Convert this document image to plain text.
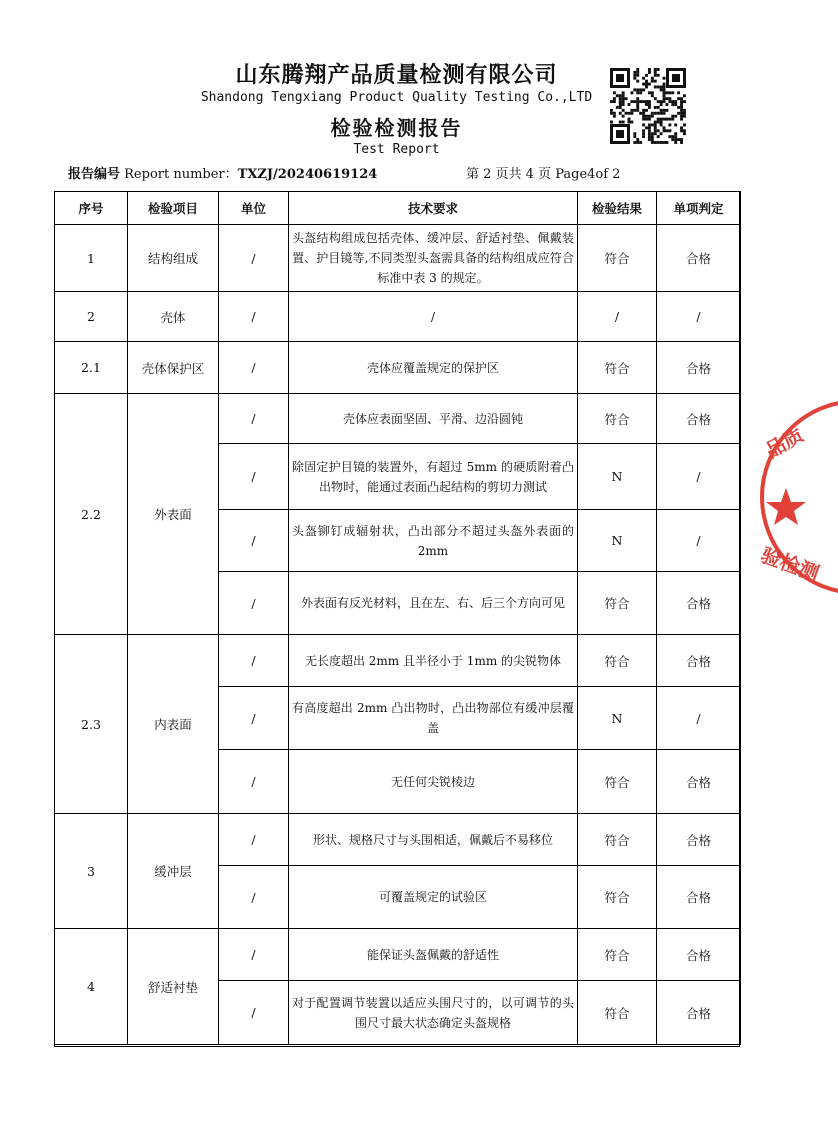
山东腾翔产品质量检测有限公司
Shandong Tengxiang Product Quality Testing Co.,LTD
检验检测报告
Test Report
报告编号 Report number：TXZJ/20240619124	第 2 页共 4 页 Page4of 2
品质
验检测
序号	检验项目	单位	技术要求	检验结果	单项判定
1	结构组成	/	头盔结构组成包括壳体、缓冲层、舒适衬垫、佩戴装置、护目镜等,不同类型头盔需具备的结构组成应符合标准中表 3 的规定。	符合	合格
2	壳体	/	/	/	/
2.1	壳体保护区	/	壳体应覆盖规定的保护区	符合	合格
2.2	外表面	/	壳体应表面坚固、平滑、边沿圆钝	符合	合格
		/	除固定护目镜的装置外，有超过 5mm 的硬质附着凸出物时，能通过表面凸起结构的剪切力测试	N	/
		/	头盔铆钉成辐射状，凸出部分不超过头盔外表面的 2mm	N	/
		/	外表面有反光材料，且在左、右、后三个方向可见	符合	合格
2.3	内表面	/	无长度超出 2mm 且半径小于 1mm 的尖锐物体	符合	合格
		/	有高度超出 2mm 凸出物时，凸出物部位有缓冲层覆盖	N	/
		/	无任何尖锐棱边	符合	合格
3	缓冲层	/	形状、规格尺寸与头围相适，佩戴后不易移位	符合	合格
		/	可覆盖规定的试验区	符合	合格
4	舒适衬垫	/	能保证头盔佩戴的舒适性	符合	合格
		/	对于配置调节装置以适应头围尺寸的，以可调节的头围尺寸最大状态确定头盔规格	符合	合格
